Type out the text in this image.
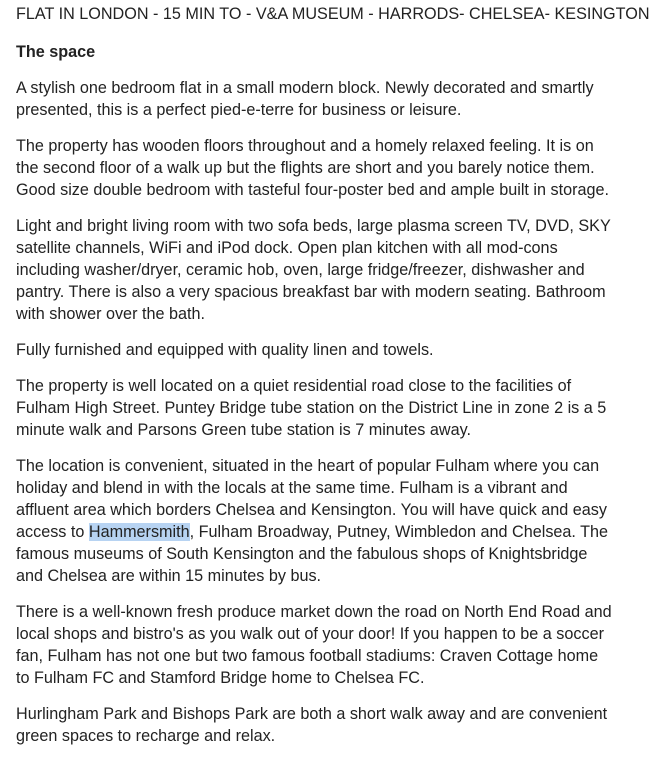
FLAT IN LONDON - 15 MIN TO - V&A MUSEUM - HARRODS- CHELSEA- KESINGTON
The space

A stylish one bedroom flat in a small modern block. Newly decorated and smartly presented, this is a perfect pied-e-terre for business or leisure.

The property has wooden floors throughout and a homely relaxed feeling. It is on the second floor of a walk up but the flights are short and you barely notice them. Good size double bedroom with tasteful four-poster bed and ample built in storage.

Light and bright living room with two sofa beds, large plasma screen TV, DVD, SKY satellite channels, WiFi and iPod dock. Open plan kitchen with all mod-cons including washer/dryer, ceramic hob, oven, large fridge/freezer, dishwasher and pantry. There is also a very spacious breakfast bar with modern seating. Bathroom with shower over the bath.

Fully furnished and equipped with quality linen and towels.

The property is well located on a quiet residential road close to the facilities of Fulham High Street. Puntey Bridge tube station on the District Line in zone 2 is a 5 minute walk and Parsons Green tube station is 7 minutes away.

The location is convenient, situated in the heart of popular Fulham where you can holiday and blend in with the locals at the same time. Fulham is a vibrant and affluent area which borders Chelsea and Kensington. You will have quick and easy access to Hammersmith, Fulham Broadway, Putney, Wimbledon and Chelsea. The famous museums of South Kensington and the fabulous shops of Knightsbridge and Chelsea are within 15 minutes by bus.

There is a well-known fresh produce market down the road on North End Road and local shops and bistro's as you walk out of your door! If you happen to be a soccer fan, Fulham has not one but two famous football stadiums: Craven Cottage home to Fulham FC and Stamford Bridge home to Chelsea FC.

Hurlingham Park and Bishops Park are both a short walk away and are convenient green spaces to recharge and relax.
